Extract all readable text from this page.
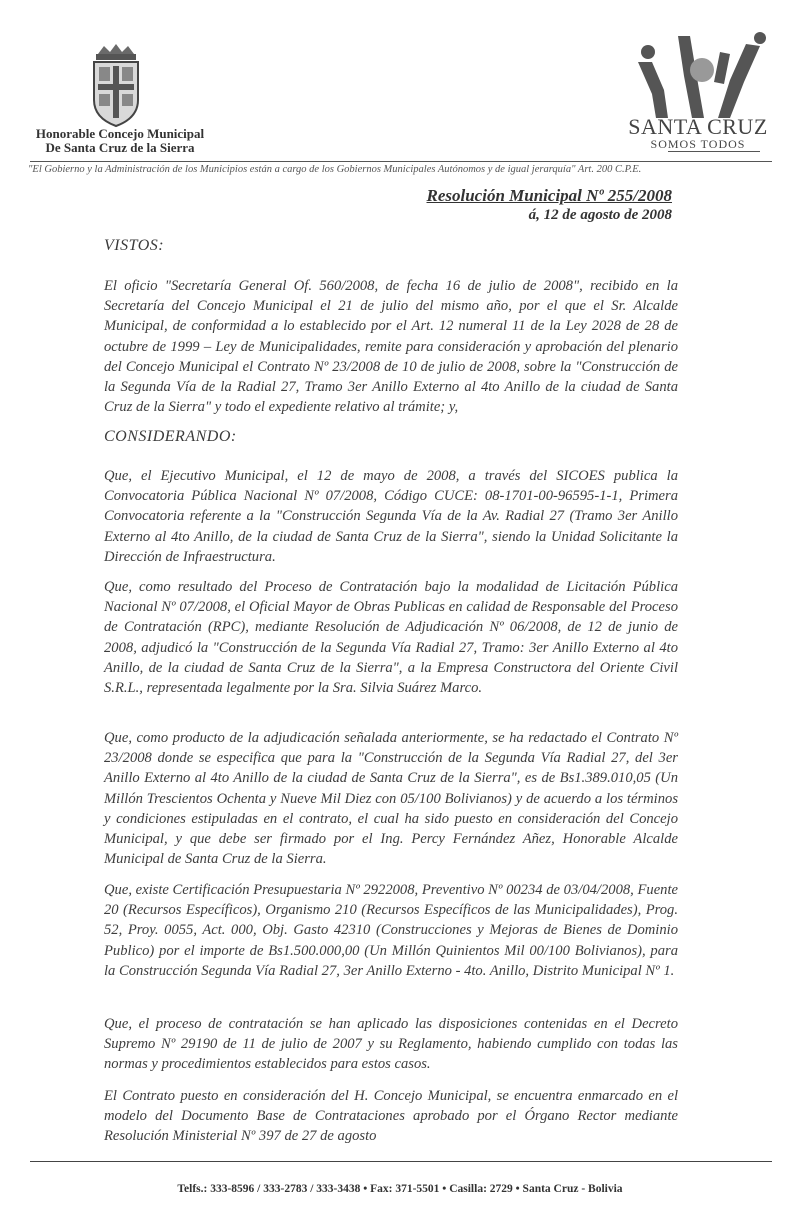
Honorable Concejo Municipal
De Santa Cruz de la Sierra
SANTA CRUZ
SOMOS TODOS
"El Gobierno y la Administración de los Municipios están a cargo de los Gobiernos Municipales Autónomos y de igual jerarquía" Art. 200 C.P.E.
Resolución Municipal Nº 255/2008
á, 12 de agosto de 2008
VISTOS:
El oficio "Secretaría General Of. 560/2008, de fecha 16 de julio de 2008", recibido en la Secretaría del Concejo Municipal el 21 de julio del mismo año, por el que el Sr. Alcalde Municipal, de conformidad a lo establecido por el Art. 12 numeral 11 de la Ley 2028 de 28 de octubre de 1999 – Ley de Municipalidades, remite para consideración y aprobación del plenario del Concejo Municipal el Contrato Nº 23/2008 de 10 de julio de 2008, sobre la "Construcción de la Segunda Vía de la Radial 27, Tramo 3er Anillo Externo al 4to Anillo de la ciudad de Santa Cruz de la Sierra" y todo el expediente relativo al trámite; y,
CONSIDERANDO:
Que, el Ejecutivo Municipal, el 12 de mayo de 2008, a través del SICOES publica la Convocatoria Pública Nacional Nº 07/2008, Código CUCE: 08-1701-00-96595-1-1, Primera Convocatoria referente a la "Construcción Segunda Vía de la Av. Radial 27 (Tramo 3er Anillo Externo al 4to Anillo, de la ciudad de Santa Cruz de la Sierra", siendo la Unidad Solicitante la Dirección de Infraestructura.
Que, como resultado del Proceso de Contratación bajo la modalidad de Licitación Pública Nacional Nº 07/2008, el Oficial Mayor de Obras Publicas en calidad de Responsable del Proceso de Contratación (RPC), mediante Resolución de Adjudicación Nº 06/2008, de 12 de junio de 2008, adjudicó la "Construcción de la Segunda Vía Radial 27, Tramo: 3er Anillo Externo al 4to Anillo, de la ciudad de Santa Cruz de la Sierra", a la Empresa Constructora del Oriente Civil S.R.L., representada legalmente por la Sra. Silvia Suárez Marco.
Que, como producto de la adjudicación señalada anteriormente, se ha redactado el Contrato Nº 23/2008 donde se especifica que para la "Construcción de la Segunda Vía Radial 27, del 3er Anillo Externo al 4to Anillo de la ciudad de Santa Cruz de la Sierra", es de Bs1.389.010,05 (Un Millón Trescientos Ochenta y Nueve Mil Diez con 05/100 Bolivianos) y de acuerdo a los términos y condiciones estipuladas en el contrato, el cual ha sido puesto en consideración del Concejo Municipal, y que debe ser firmado por el Ing. Percy Fernández Añez, Honorable Alcalde Municipal de Santa Cruz de la Sierra.
Que, existe Certificación Presupuestaria Nº 2922008, Preventivo Nº 00234 de 03/04/2008, Fuente 20 (Recursos Específicos), Organismo 210 (Recursos Específicos de las Municipalidades), Prog. 52, Proy. 0055, Act. 000, Obj. Gasto 42310 (Construcciones y Mejoras de Bienes de Dominio Publico) por el importe de Bs1.500.000,00 (Un Millón Quinientos Mil 00/100 Bolivianos), para la Construcción Segunda Vía Radial 27, 3er Anillo Externo - 4to. Anillo, Distrito Municipal Nº 1.
Que, el proceso de contratación se han aplicado las disposiciones contenidas en el Decreto Supremo Nº 29190 de 11 de julio de 2007 y su Reglamento, habiendo cumplido con todas las normas y procedimientos establecidos para estos casos.
El Contrato puesto en consideración del H. Concejo Municipal, se encuentra enmarcado en el modelo del Documento Base de Contrataciones aprobado por el Órgano Rector mediante Resolución Ministerial Nº 397 de 27 de agosto
Telfs.: 333-8596 / 333-2783 / 333-3438 • Fax: 371-5501 • Casilla: 2729 • Santa Cruz - Bolivia
